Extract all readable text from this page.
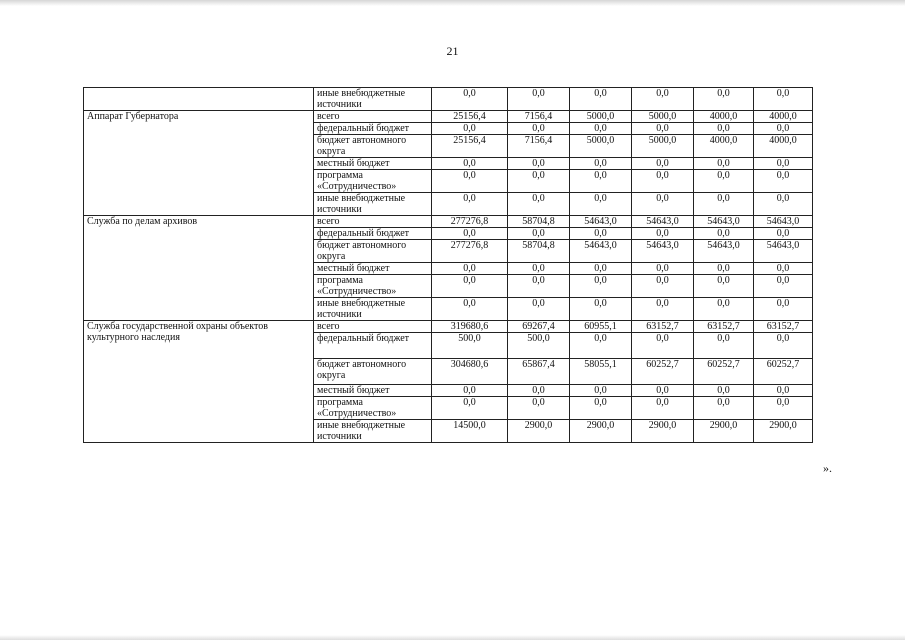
21
	иные внебюджетные источники	0,0	0,0	0,0	0,0	0,0	0,0
Аппарат Губернатора	всего	25156,4	7156,4	5000,0	5000,0	4000,0	4000,0
	федеральный бюджет	0,0	0,0	0,0	0,0	0,0	0,0
	бюджет автономного округа	25156,4	7156,4	5000,0	5000,0	4000,0	4000,0
	местный бюджет	0,0	0,0	0,0	0,0	0,0	0,0
	программа «Сотрудничество»	0,0	0,0	0,0	0,0	0,0	0,0
	иные внебюджетные источники	0,0	0,0	0,0	0,0	0,0	0,0
Служба по делам архивов	всего	277276,8	58704,8	54643,0	54643,0	54643,0	54643,0
	федеральный бюджет	0,0	0,0	0,0	0,0	0,0	0,0
	бюджет автономного округа	277276,8	58704,8	54643,0	54643,0	54643,0	54643,0
	местный бюджет	0,0	0,0	0,0	0,0	0,0	0,0
	программа «Сотрудничество»	0,0	0,0	0,0	0,0	0,0	0,0
	иные внебюджетные источники	0,0	0,0	0,0	0,0	0,0	0,0
Служба государственной охраны объектов культурного наследия	всего	319680,6	69267,4	60955,1	63152,7	63152,7	63152,7
	федеральный бюджет	500,0	500,0	0,0	0,0	0,0	0,0
	бюджет автономного округа	304680,6	65867,4	58055,1	60252,7	60252,7	60252,7
	местный бюджет	0,0	0,0	0,0	0,0	0,0	0,0
	программа «Сотрудничество»	0,0	0,0	0,0	0,0	0,0	0,0
	иные внебюджетные источники	14500,0	2900,0	2900,0	2900,0	2900,0	2900,0
».
